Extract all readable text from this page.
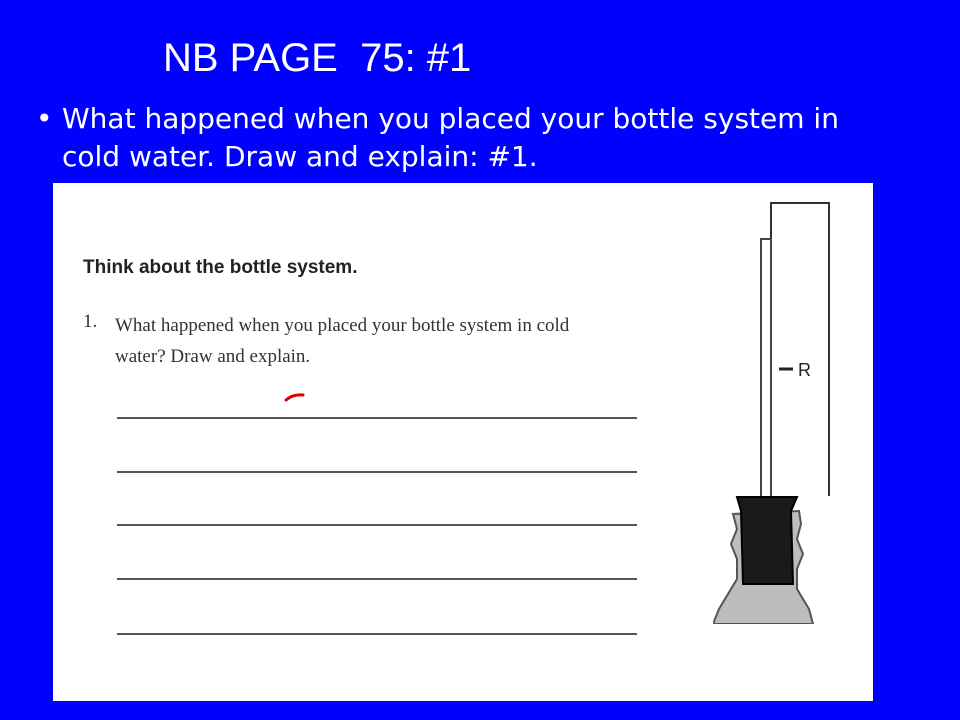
NB PAGE  75: #1
• What happened when you placed your bottle system in cold water. Draw and explain: #1.
Think about the bottle system.
1. What happened when you placed your bottle system in cold water? Draw and explain.
R
